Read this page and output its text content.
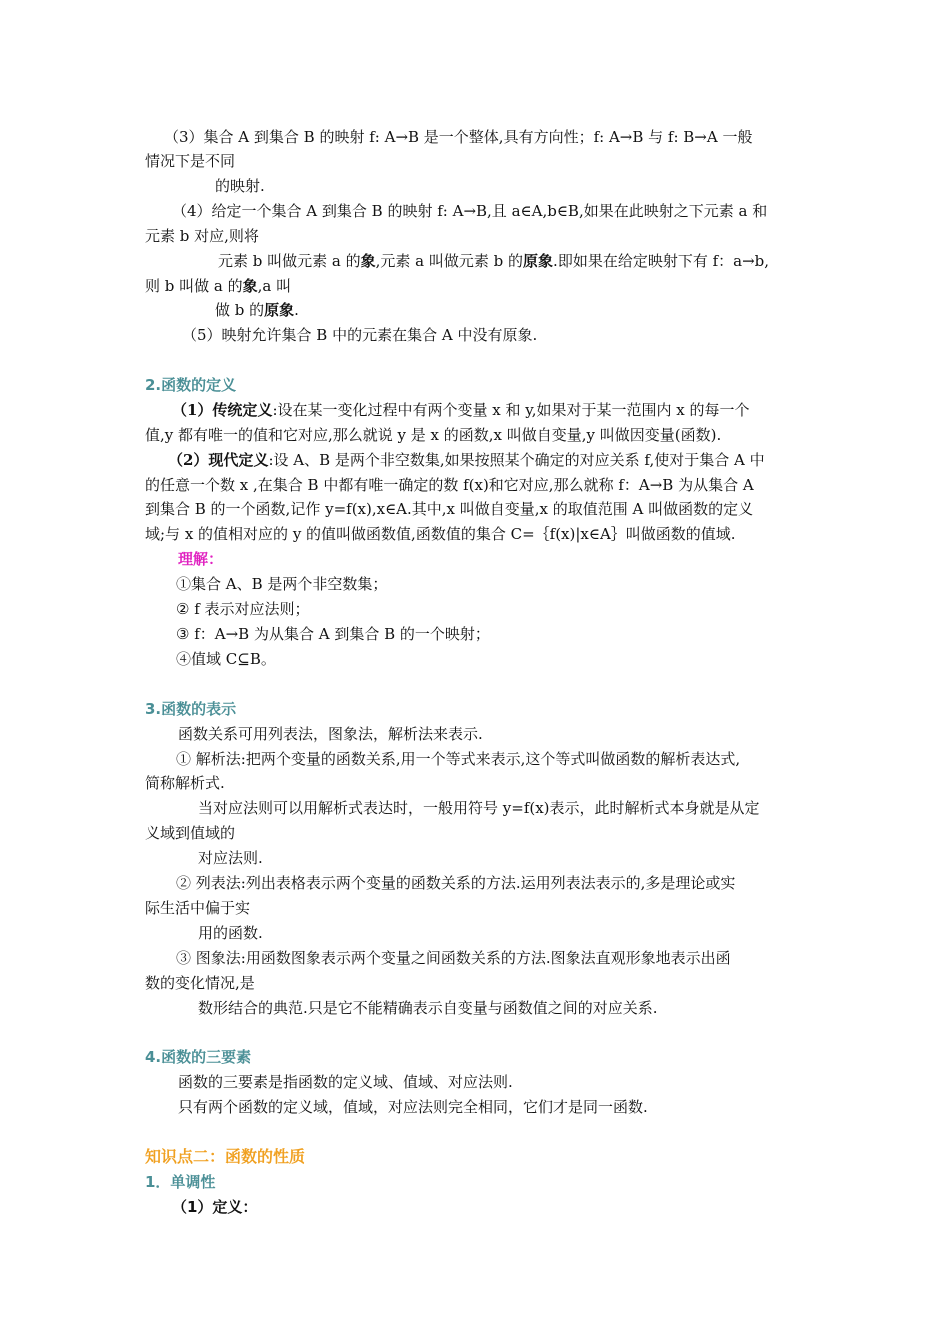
（3）集合 A 到集合 B 的映射 f: A→B 是一个整体,具有方向性；f: A→B 与 f: B→A 一般
情况下是不同
的映射.
（4）给定一个集合 A 到集合 B 的映射 f: A→B,且 a∈A,b∈B,如果在此映射之下元素 a 和
元素 b 对应,则将
元素 b 叫做元素 a 的象,元素 a 叫做元素 b 的原象.即如果在给定映射下有 f：a→b,
则 b 叫做 a 的象,a 叫
做 b 的原象.
（5）映射允许集合 B 中的元素在集合 A 中没有原象.
2.函数的定义
（1）传统定义:设在某一变化过程中有两个变量 x 和 y,如果对于某一范围内 x 的每一个
值,y 都有唯一的值和它对应,那么就说 y 是 x 的函数,x 叫做自变量,y 叫做因变量(函数).
（2）现代定义:设 A、B 是两个非空数集,如果按照某个确定的对应关系 f,使对于集合 A 中
的任意一个数 x ,在集合 B 中都有唯一确定的数 f(x)和它对应,那么就称 f：A→B 为从集合 A
到集合 B 的一个函数,记作 y=f(x),x∈A.其中,x 叫做自变量,x 的取值范围 A 叫做函数的定义
域;与 x 的值相对应的 y 的值叫做函数值,函数值的集合 C=｛f(x)|x∈A｝叫做函数的值域.
理解：
①集合 A、B 是两个非空数集；
② f 表示对应法则；
③ f：A→B 为从集合 A 到集合 B 的一个映射；
④值域 C⊆B。
3.函数的表示
函数关系可用列表法，图象法，解析法来表示.
① 解析法:把两个变量的函数关系,用一个等式来表示,这个等式叫做函数的解析表达式,
简称解析式.
当对应法则可以用解析式表达时，一般用符号 y=f(x)表示，此时解析式本身就是从定
义域到值域的
对应法则.
② 列表法:列出表格表示两个变量的函数关系的方法.运用列表法表示的,多是理论或实
际生活中偏于实
用的函数.
③ 图象法:用函数图象表示两个变量之间函数关系的方法.图象法直观形象地表示出函
数的变化情况,是
数形结合的典范.只是它不能精确表示自变量与函数值之间的对应关系.
4.函数的三要素
函数的三要素是指函数的定义域、值域、对应法则.
只有两个函数的定义域，值域，对应法则完全相同，它们才是同一函数.
知识点二：函数的性质
1．单调性
（1）定义：
